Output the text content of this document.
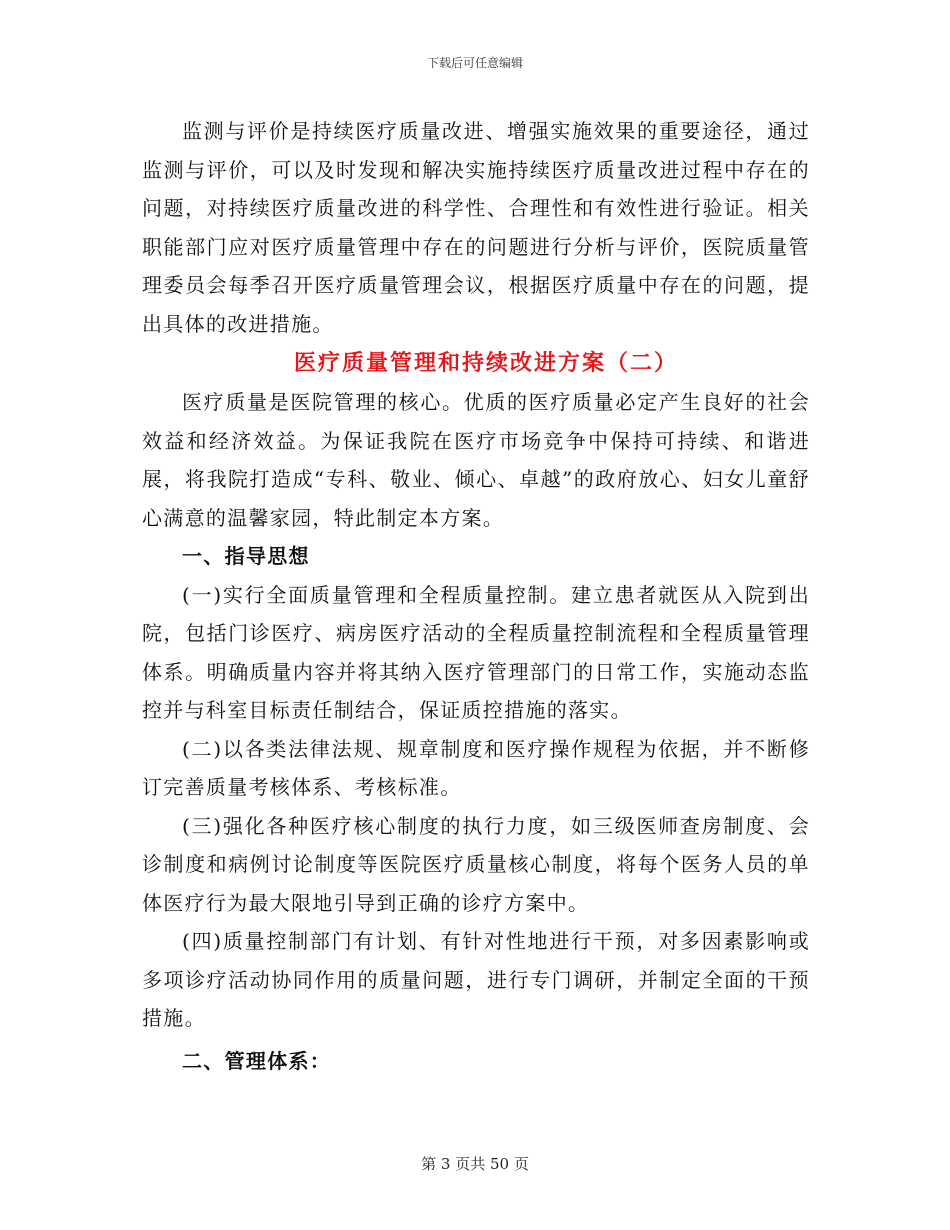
下载后可任意编辑

监测与评价是持续医疗质量改进、增强实施效果的重要途径，通过监测与评价，可以及时发现和解决实施持续医疗质量改进过程中存在的问题，对持续医疗质量改进的科学性、合理性和有效性进行验证。相关职能部门应对医疗质量管理中存在的问题进行分析与评价，医院质量管理委员会每季召开医疗质量管理会议，根据医疗质量中存在的问题，提出具体的改进措施。

医疗质量管理和持续改进方案（二）

医疗质量是医院管理的核心。优质的医疗质量必定产生良好的社会效益和经济效益。为保证我院在医疗市场竞争中保持可持续、和谐进展，将我院打造成“专科、敬业、倾心、卓越”的政府放心、妇女儿童舒心满意的温馨家园，特此制定本方案。

一、指导思想

(一)实行全面质量管理和全程质量控制。建立患者就医从入院到出院，包括门诊医疗、病房医疗活动的全程质量控制流程和全程质量管理体系。明确质量内容并将其纳入医疗管理部门的日常工作，实施动态监控并与科室目标责任制结合，保证质控措施的落实。

(二)以各类法律法规、规章制度和医疗操作规程为依据，并不断修订完善质量考核体系、考核标准。

(三)强化各种医疗核心制度的执行力度，如三级医师查房制度、会诊制度和病例讨论制度等医院医疗质量核心制度，将每个医务人员的单体医疗行为最大限地引导到正确的诊疗方案中。

(四)质量控制部门有计划、有针对性地进行干预，对多因素影响或多项诊疗活动协同作用的质量问题，进行专门调研，并制定全面的干预措施。

二、管理体系：
第 3 页共 50 页
